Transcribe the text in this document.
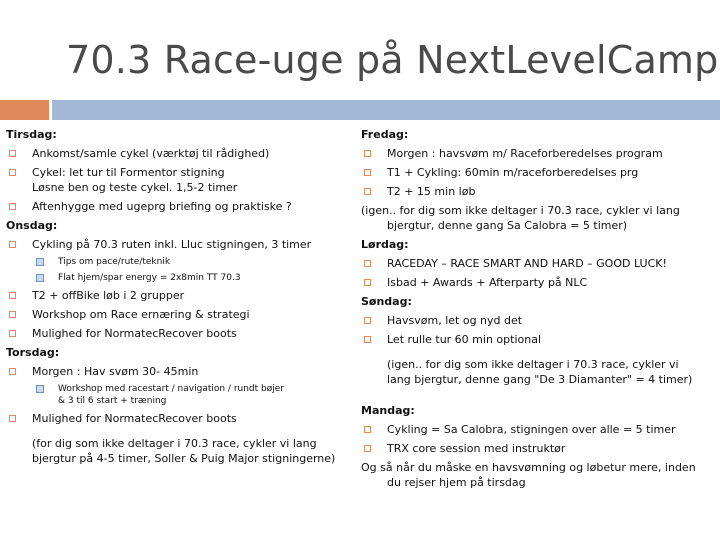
70.3 Race-uge på NextLevelCamp
Tirsdag:
Ankomst/samle cykel (værktøj til rådighed)
Cykel: let tur til Formentor stigning
Løsne ben og teste cykel. 1,5-2 timer
Aftenhygge med ugeprg briefing og praktiske ?
Onsdag:
Cykling på 70.3 ruten inkl. Lluc stigningen, 3 timer
Tips om pace/rute/teknik
Flat hjem/spar energy = 2x8min TT 70.3
T2 + offBike løb i 2 grupper
Workshop om Race ernæring & strategi
Mulighed for NormatecRecover boots
Torsdag:
Morgen : Hav svøm 30- 45min
Workshop med racestart / navigation / rundt bøjer
& 3 til 6 start + træning
Mulighed for NormatecRecover boots
(for dig som ikke deltager i 70.3 race, cykler vi lang
bjergtur på 4-5 timer, Soller & Puig Major stigningerne)
Fredag:
Morgen : havsvøm m/ Raceforberedelses program
T1 + Cykling: 60min m/raceforberedelses prg
T2 + 15 min løb
(igen.. for dig som ikke deltager i 70.3 race, cykler vi lang
bjergtur, denne gang Sa Calobra = 5 timer)
Lørdag:
RACEDAY – RACE SMART AND HARD – GOOD LUCK!
Isbad + Awards + Afterparty på NLC
Søndag:
Havsvøm, let og nyd det
Let rulle tur 60 min optional
(igen.. for dig som ikke deltager i 70.3 race, cykler vi
lang bjergtur, denne gang "De 3 Diamanter" = 4 timer)
Mandag:
Cykling = Sa Calobra, stigningen over alle = 5 timer
TRX core session med instruktør
Og så når du måske en havsvømning og løbetur mere, inden
du rejser hjem på tirsdag
